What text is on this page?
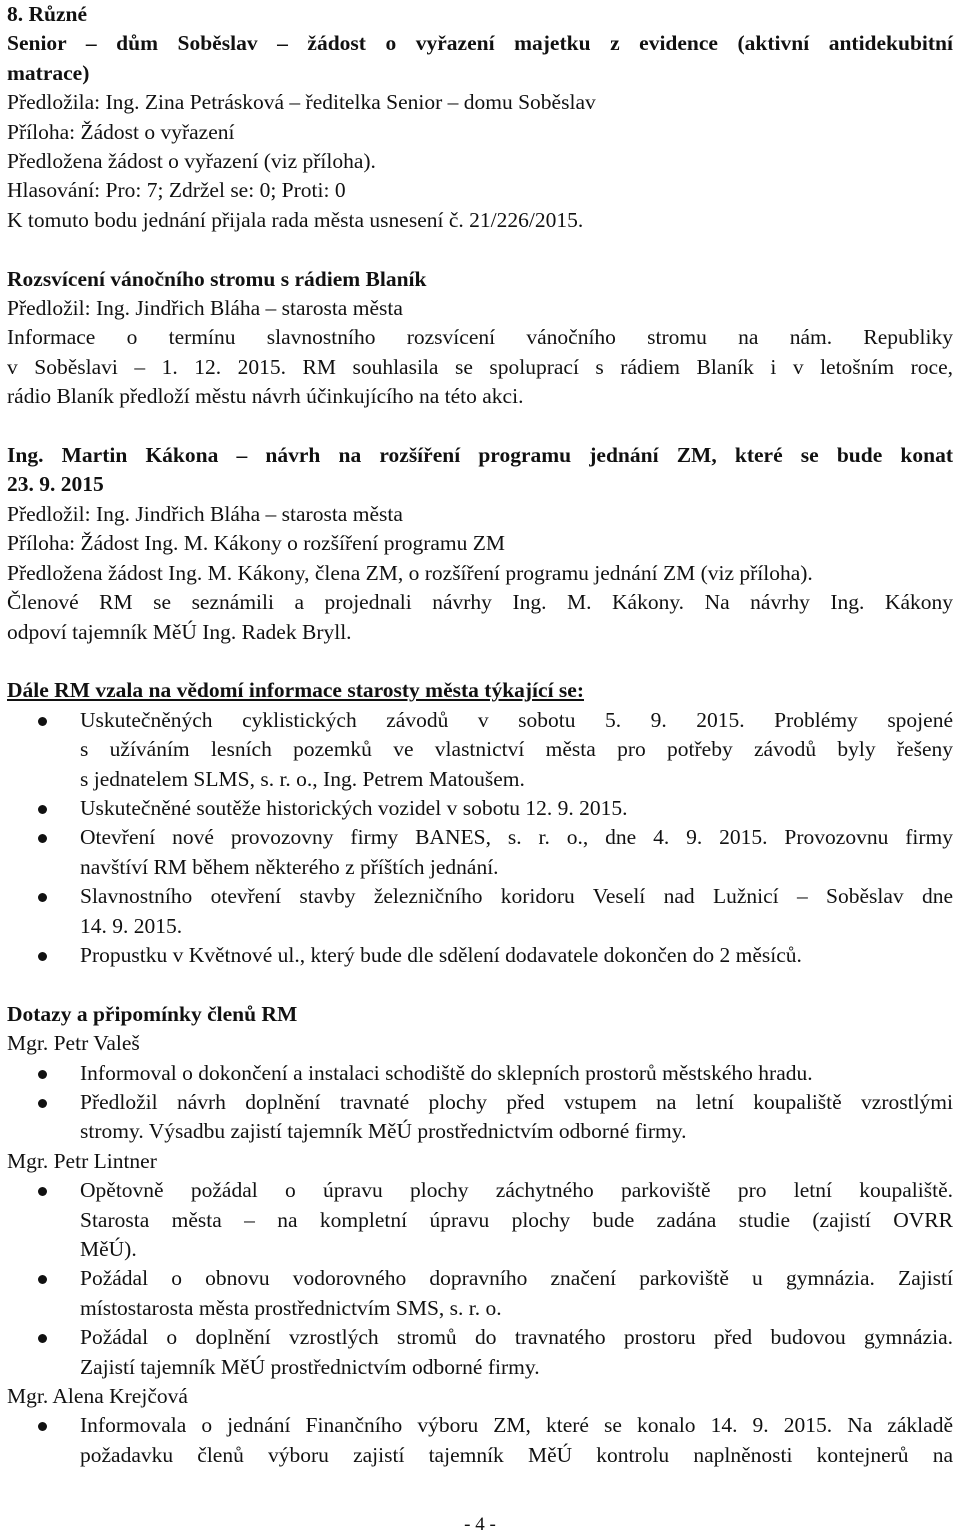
8. Různé
Senior – dům Soběslav – žádost o vyřazení majetku z evidence (aktivní antidekubitní
matrace)
Předložila: Ing. Zina Petrásková – ředitelka Senior – domu Soběslav
Příloha: Žádost o vyřazení
Předložena žádost o vyřazení (viz příloha).
Hlasování: Pro: 7; Zdržel se: 0; Proti: 0
K tomuto bodu jednání přijala rada města usnesení č. 21/226/2015.
Rozsvícení vánočního stromu s rádiem Blaník
Předložil: Ing. Jindřich Bláha – starosta města
Informace o termínu slavnostního rozsvícení vánočního stromu na nám. Republiky
v Soběslavi – 1. 12. 2015. RM souhlasila se spoluprací s rádiem Blaník i v letošním roce,
rádio Blaník předloží městu návrh účinkujícího na této akci.
Ing. Martin Kákona – návrh na rozšíření programu jednání ZM, které se bude konat
23. 9. 2015
Předložil: Ing. Jindřich Bláha – starosta města
Příloha: Žádost Ing. M. Kákony o rozšíření programu ZM
Předložena žádost Ing. M. Kákony, člena ZM, o rozšíření programu jednání ZM (viz příloha).
Členové RM se seznámili a projednali návrhy Ing. M. Kákony. Na návrhy Ing. Kákony
odpoví tajemník MěÚ Ing. Radek Bryll.
Dále RM vzala na vědomí informace starosty města týkající se:
Uskutečněných cyklistických závodů v sobotu 5. 9. 2015. Problémy spojené
s užíváním lesních pozemků ve vlastnictví města pro potřeby závodů byly řešeny
s jednatelem SLMS, s. r. o., Ing. Petrem Matoušem.
Uskutečněné soutěže historických vozidel v sobotu 12. 9. 2015.
Otevření nové provozovny firmy BANES, s. r. o., dne 4. 9. 2015. Provozovnu firmy
navštíví RM během některého z příštích jednání.
Slavnostního otevření stavby železničního koridoru Veselí nad Lužnicí – Soběslav dne
14. 9. 2015.
Propustku v Květnové ul., který bude dle sdělení dodavatele dokončen do 2 měsíců.
Dotazy a připomínky členů RM
Mgr. Petr Valeš
Informoval o dokončení a instalaci schodiště do sklepních prostorů městského hradu.
Předložil návrh doplnění travnaté plochy před vstupem na letní koupaliště vzrostlými
stromy. Výsadbu zajistí tajemník MěÚ prostřednictvím odborné firmy.
Mgr. Petr Lintner
Opětovně požádal o úpravu plochy záchytného parkoviště pro letní koupaliště.
Starosta města – na kompletní úpravu plochy bude zadána studie (zajistí OVRR
MěÚ).
Požádal o obnovu vodorovného dopravního značení parkoviště u gymnázia. Zajistí
místostarosta města prostřednictvím SMS, s. r. o.
Požádal o doplnění vzrostlých stromů do travnatého prostoru před budovou gymnázia.
Zajistí tajemník MěÚ prostřednictvím odborné firmy.
Mgr. Alena Krejčová
Informovala o jednání Finančního výboru ZM, které se konalo 14. 9. 2015. Na základě
požadavku členů výboru zajistí tajemník MěÚ kontrolu naplněnosti kontejnerů na
- 4 -
